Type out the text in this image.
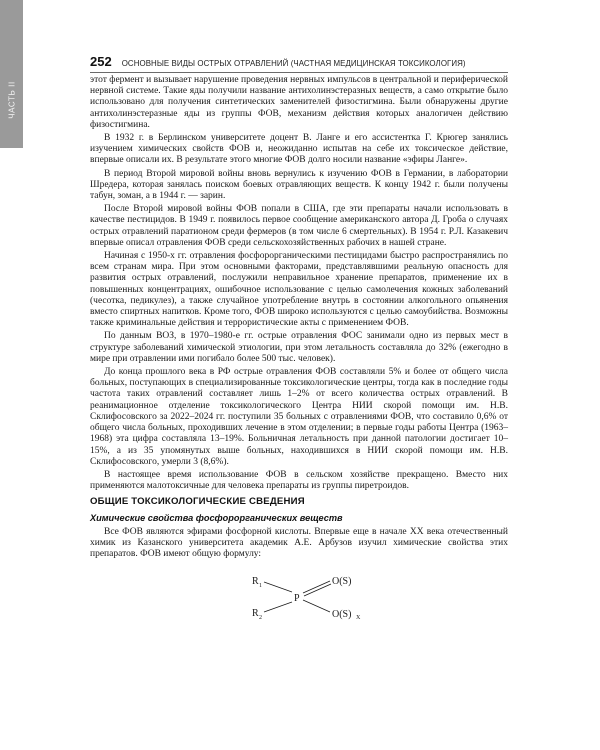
ЧАСТЬ II
252 ОСНОВНЫЕ ВИДЫ ОСТРЫХ ОТРАВЛЕНИЙ (ЧАСТНАЯ МЕДИЦИНСКАЯ ТОКСИКОЛОГИЯ)

этот фермент и вызывает нарушение проведения нервных импульсов в центральной и периферической нервной системе. Такие яды получили название антихолинэстеразных веществ, а само открытие было использовано для получения синтетических заменителей физостигмина. Были обнаружены другие антихолинэстеразные яды из группы ФОВ, механизм действия которых аналогичен действию физостигмина.

В 1932 г. в Берлинском университете доцент В. Ланге и его ассистентка Г. Крюгер занялись изучением химических свойств ФОВ и, неожиданно испытав на себе их токсическое действие, впервые описали их. В результате этого многие ФОВ долго носили название «эфиры Ланге».

В период Второй мировой войны вновь вернулись к изучению ФОВ в Германии, в лаборатории Шредера, которая занялась поиском боевых отравляющих веществ. К концу 1942 г. были получены табун, зоман, а в 1944 г. — зарин.

После Второй мировой войны ФОВ попали в США, где эти препараты начали использовать в качестве пестицидов. В 1949 г. появилось первое сообщение американского автора Д. Гроба о случаях острых отравлений паратионом среди фермеров (в том числе 6 смертельных). В 1954 г. Р.Л. Казакевич впервые описал отравления ФОВ среди сельскохозяйственных рабочих в нашей стране.

Начиная с 1950-х гг. отравления фосфорорганическими пестицидами быстро распространялись по всем странам мира. При этом основными факторами, представлявшими реальную опасность для развития острых отравлений, послужили неправильное хранение препаратов, применение их в повышенных концентрациях, ошибочное использование с целью самолечения кожных заболеваний (чесотка, педикулез), а также случайное употребление внутрь в состоянии алкогольного опьянения вместо спиртных напитков. Кроме того, ФОВ широко используются с целью самоубийства. Возможны также криминальные действия и террористические акты с применением ФОВ.

По данным ВОЗ, в 1970–1980-е гг. острые отравления ФОС занимали одно из первых мест в структуре заболеваний химической этиологии, при этом летальность составляла до 32% (ежегодно в мире при отравлении ими погибало более 500 тыс. человек).

До конца прошлого века в РФ острые отравления ФОВ составляли 5% и более от общего числа больных, поступающих в специализированные токсикологические центры, тогда как в последние годы частота таких отравлений составляет лишь 1–2% от всего количества острых отравлений. В реанимационное отделение токсикологического Центра НИИ скорой помощи им. Н.В. Склифосовского за 2022–2024 гг. поступили 35 больных с отравлениями ФОВ, что составило 0,6% от общего числа больных, проходивших лечение в этом отделении; в первые годы работы Центра (1963–1968) эта цифра составляла 13–19%. Больничная летальность при данной патологии достигает 10–15%, а из 35 упомянутых выше больных, находившихся в НИИ скорой помощи им. Н.В. Склифосовского, умерли 3 (8,6%).

В настоящее время использование ФОВ в сельском хозяйстве прекращено. Вместо них применяются малотоксичные для человека препараты из группы пиретроидов.

ОБЩИЕ ТОКСИКОЛОГИЧЕСКИЕ СВЕДЕНИЯ
Химические свойства фосфорорганических веществ

Все ФОВ являются эфирами фосфорной кислоты. Впервые еще в начале XX века отечественный химик из Казанского университета академик А.Е. Арбузов изучил химические свойства этих препаратов. ФОВ имеют общую формулу:

R 1
R 2
P
O(S)
O(S) X
